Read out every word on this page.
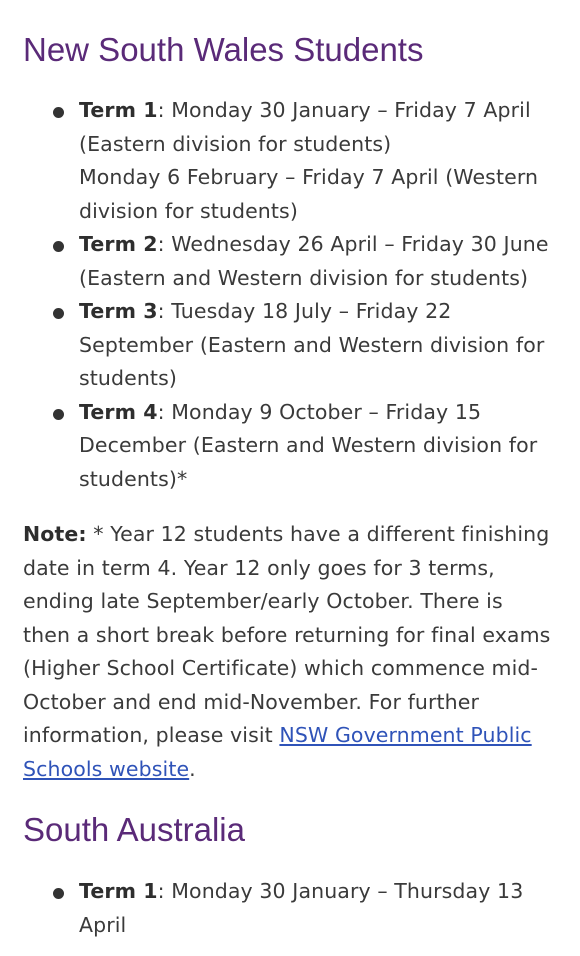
New South Wales Students
Term 1: Monday 30 January – Friday 7 April (Eastern division for students)
Monday 6 February – Friday 7 April (Western division for students)
Term 2: Wednesday 26 April – Friday 30 June (Eastern and Western division for students)
Term 3: Tuesday 18 July – Friday 22 September (Eastern and Western division for students)
Term 4: Monday 9 October – Friday 15 December (Eastern and Western division for students)*

Note: * Year 12 students have a different finishing date in term 4. Year 12 only goes for 3 terms, ending late September/early October. There is then a short break before returning for final exams (Higher School Certificate) which commence mid-October and end mid-November. For further information, please visit NSW Government Public Schools website.

South Australia
Term 1: Monday 30 January – Thursday 13 April
